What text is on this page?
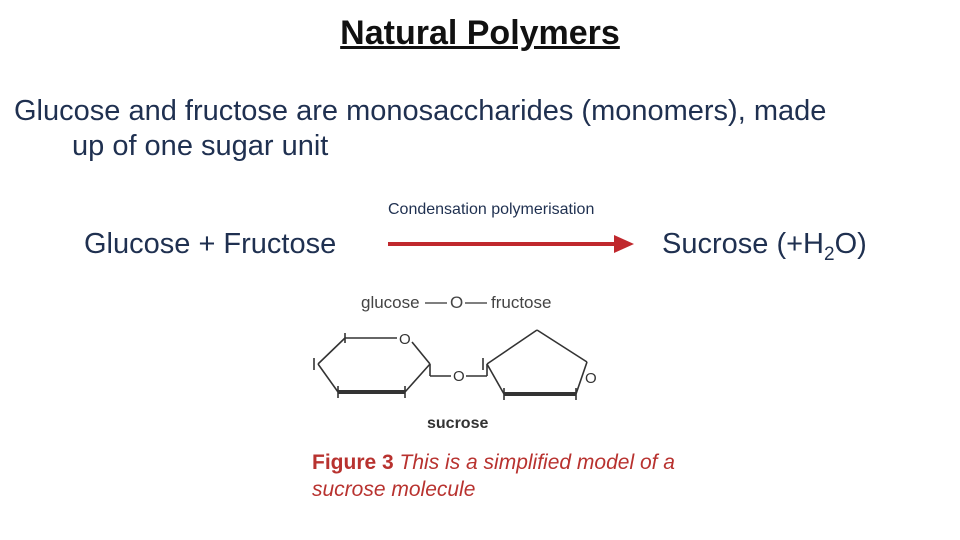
Natural Polymers
Glucose and fructose are monosaccharides (monomers), made
up of one sugar unit
Glucose + Fructose
Condensation polymerisation
Sucrose $(+H_2O)$
glucose O fructose
O
O	O
sucrose
Figure 3 This is a simplified model of a
sucrose molecule
